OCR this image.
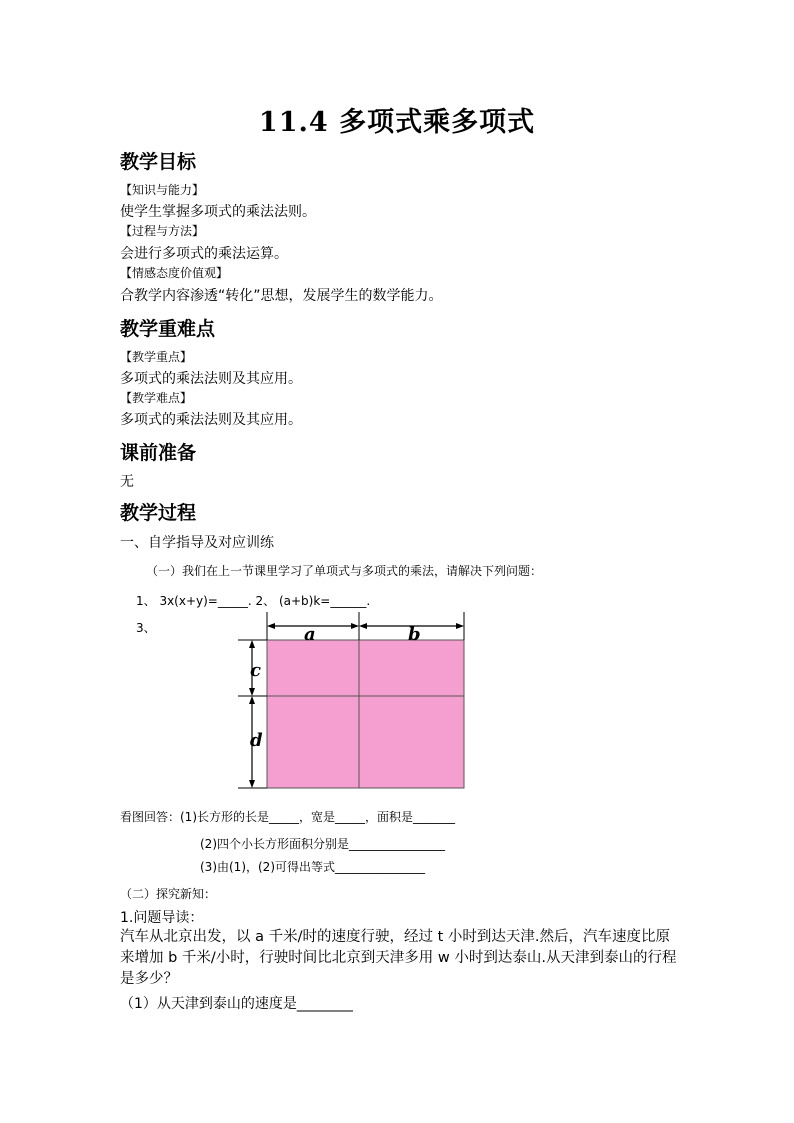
11.4 多项式乘多项式
教学目标
【知识与能力】
使学生掌握多项式的乘法法则。
【过程与方法】
会进行多项式的乘法运算。
【情感态度价值观】
合教学内容渗透“转化”思想，发展学生的数学能力。
教学重难点
【教学重点】
多项式的乘法法则及其应用。
【教学难点】
多项式的乘法法则及其应用。
课前准备
无
教学过程
一、自学指导及对应训练
（一）我们在上一节课里学习了单项式与多项式的乘法，请解决下列问题：
1、 3x(x+y)=_____. 2、 (a+b)k=______.
3、	a	b
c
d
看图回答：(1)长方形的长是_____，宽是_____，面积是_______
(2)四个小长方形面积分别是________________
(3)由(1)，(2)可得出等式_______________
（二）探究新知：
1.问题导读：
汽车从北京出发，以 a 千米/时的速度行驶，经过 t 小时到达天津.然后，汽车速度比原来增加 b 千米/小时，行驶时间比北京到天津多用 w 小时到达泰山.从天津到泰山的行程是多少？
（1）从天津到泰山的速度是________
